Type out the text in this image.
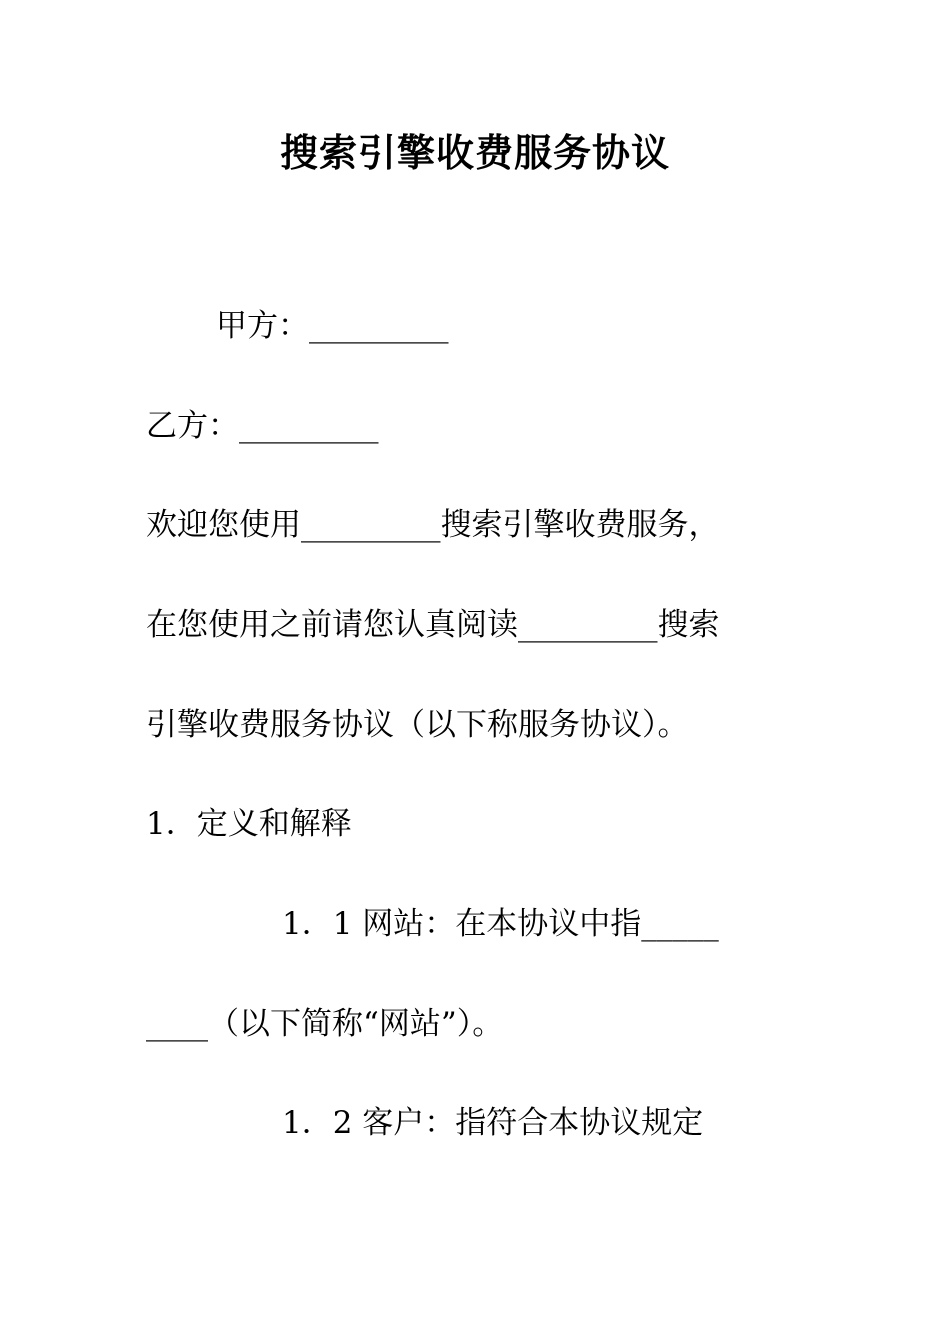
搜索引擎收费服务协议
甲方：_________
乙方：_________
欢迎您使用_________搜索引擎收费服务，
在您使用之前请您认真阅读_________搜索
引擎收费服务协议（以下称服务协议）。
1．定义和解释
1．1 网站：在本协议中指_____
____（以下简称“网站”）。
1．2 客户：指符合本协议规定
